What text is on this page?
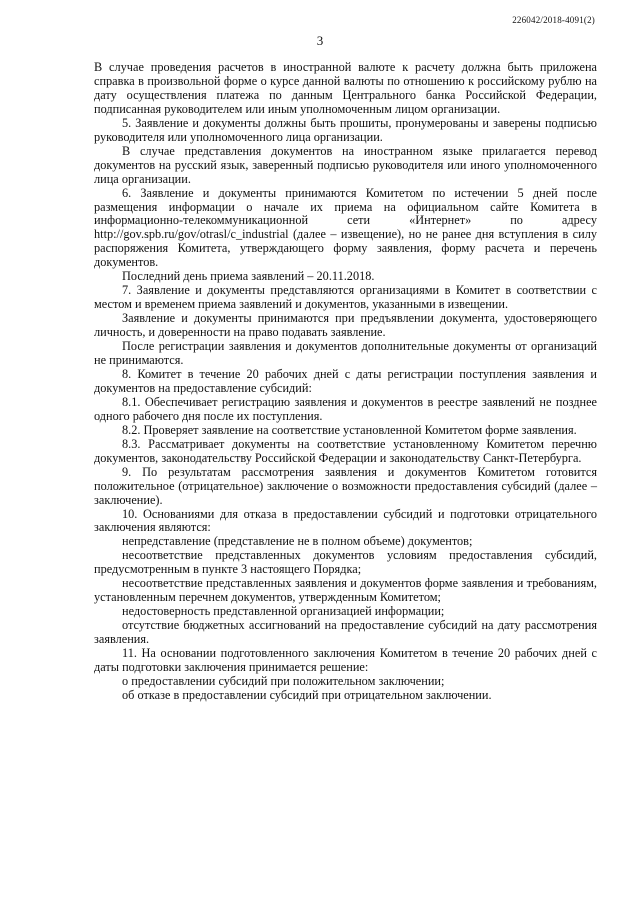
226042/2018-4091(2)
3

В случае проведения расчетов в иностранной валюте к расчету должна быть приложена справка в произвольной форме о курсе данной валюты по отношению к российскому рублю на дату осуществления платежа по данным Центрального банка Российской Федерации, подписанная руководителем или иным уполномоченным лицом организации.

5. Заявление и документы должны быть прошиты, пронумерованы и заверены подписью руководителя или уполномоченного лица организации.

В случае представления документов на иностранном языке прилагается перевод документов на русский язык, заверенный подписью руководителя или иного уполномоченного лица организации.

6. Заявление и документы принимаются Комитетом по истечении 5 дней после размещения информации о начале их приема на официальном сайте Комитета в информационно-телекоммуникационной сети «Интернет» по адресу http://gov.spb.ru/gov/otrasl/c_industrial (далее – извещение), но не ранее дня вступления в силу распоряжения Комитета, утверждающего форму заявления, форму расчета и перечень документов.

Последний день приема заявлений – 20.11.2018.

7. Заявление и документы представляются организациями в Комитет в соответствии с местом и временем приема заявлений и документов, указанными в извещении.

Заявление и документы принимаются при предъявлении документа, удостоверяющего личность, и доверенности на право подавать заявление.

После регистрации заявления и документов дополнительные документы от организаций не принимаются.

8. Комитет в течение 20 рабочих дней с даты регистрации поступления заявления и документов на предоставление субсидий:

8.1. Обеспечивает регистрацию заявления и документов в реестре заявлений не позднее одного рабочего дня после их поступления.

8.2. Проверяет заявление на соответствие установленной Комитетом форме заявления.

8.3. Рассматривает документы на соответствие установленному Комитетом перечню документов, законодательству Российской Федерации и законодательству Санкт-Петербурга.

9. По результатам рассмотрения заявления и документов Комитетом готовится положительное (отрицательное) заключение о возможности предоставления субсидий (далее – заключение).

10. Основаниями для отказа в предоставлении субсидий и подготовки отрицательного заключения являются:

непредставление (представление не в полном объеме) документов;

несоответствие представленных документов условиям предоставления субсидий, предусмотренным в пункте 3 настоящего Порядка;

несоответствие представленных заявления и документов форме заявления и требованиям, установленным перечнем документов, утвержденным Комитетом;

недостоверность представленной организацией информации;

отсутствие бюджетных ассигнований на предоставление субсидий на дату рассмотрения заявления.

11. На основании подготовленного заключения Комитетом в течение 20 рабочих дней с даты подготовки заключения принимается решение:

о предоставлении субсидий при положительном заключении;

об отказе в предоставлении субсидий при отрицательном заключении.
